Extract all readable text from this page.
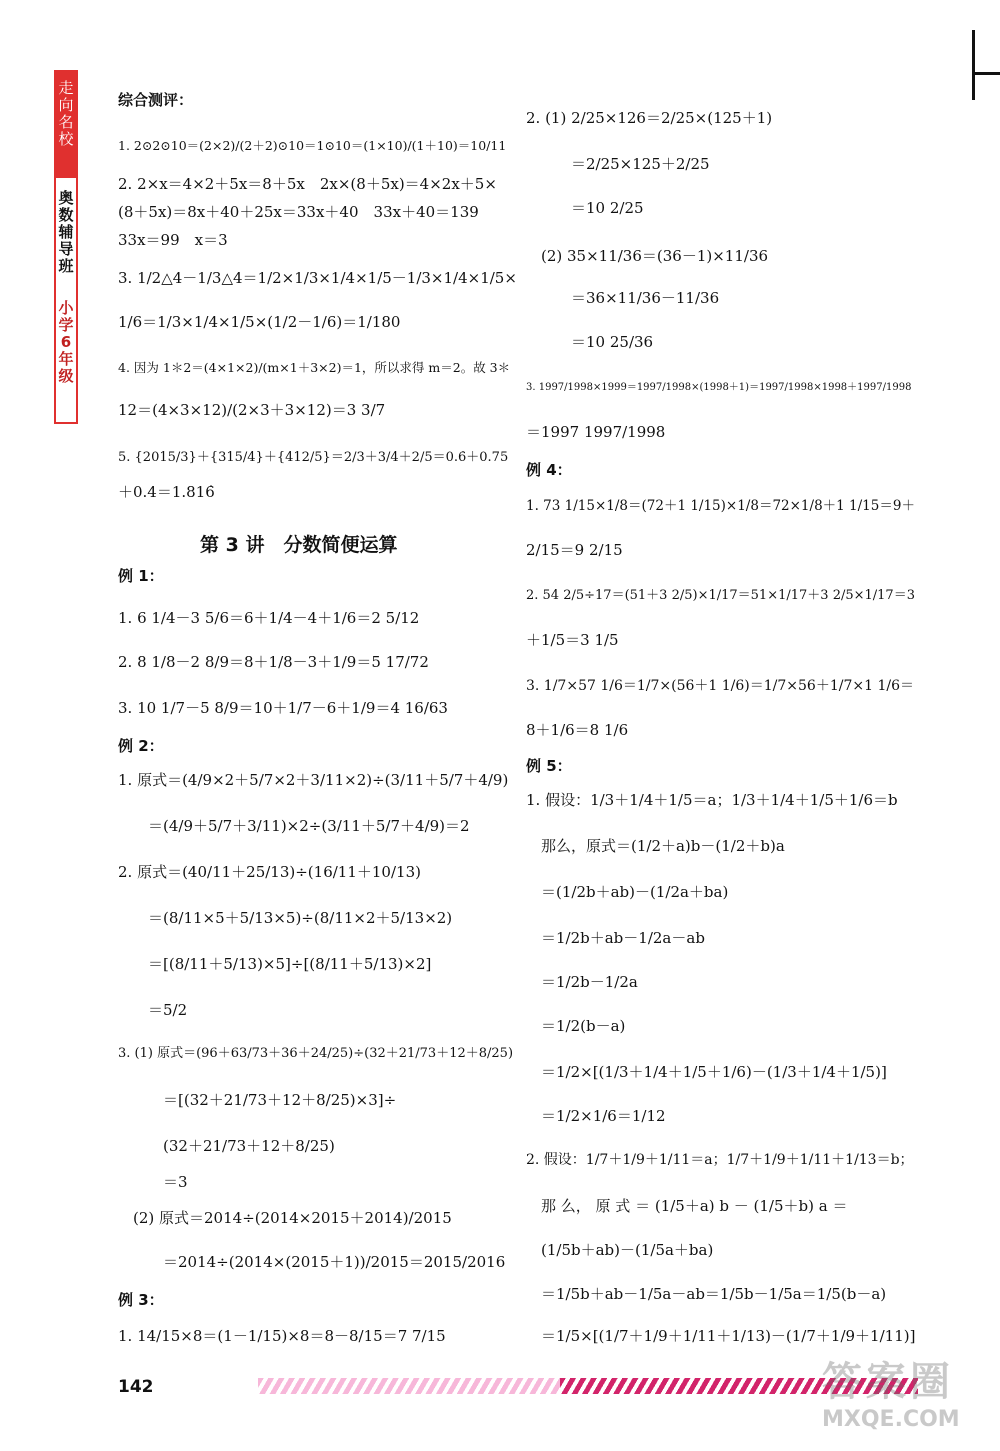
走向名校
奥数辅导班
小学6年级
综合测评：
1. 2⊙2⊙10＝(2×2)/(2＋2)⊙10＝1⊙10＝(1×10)/(1＋10)＝10/11
2. 2×x＝4×2＋5x＝8＋5x　2x×(8＋5x)＝4×2x＋5×
(8＋5x)＝8x＋40＋25x＝33x＋40　33x＋40＝139
33x＝99　x＝3
3. 1/2△4－1/3△4＝1/2×1/3×1/4×1/5－1/3×1/4×1/5×
1/6＝1/3×1/4×1/5×(1/2－1/6)＝1/180
4. 因为 1＊2＝(4×1×2)/(m×1＋3×2)＝1，所以求得 m＝2。故 3＊
12＝(4×3×12)/(2×3＋3×12)＝3 3/7
5. {2015/3}＋{315/4}＋{412/5}＝2/3＋3/4＋2/5＝0.6̇＋0.75
＋0.4＝1.816̇
例 1：
1. 6 1/4－3 5/6＝6＋1/4－4＋1/6＝2 5/12
2. 8 1/8－2 8/9＝8＋1/8－3＋1/9＝5 17/72
3. 10 1/7－5 8/9＝10＋1/7－6＋1/9＝4 16/63
例 2：
1. 原式＝(4/9×2＋5/7×2＋3/11×2)÷(3/11＋5/7＋4/9)
　　＝(4/9＋5/7＋3/11)×2÷(3/11＋5/7＋4/9)＝2
2. 原式＝(40/11＋25/13)÷(16/11＋10/13)
　　＝(8/11×5＋5/13×5)÷(8/11×2＋5/13×2)
　　＝[(8/11＋5/13)×5]÷[(8/11＋5/13)×2]
　　＝5/2
3. (1) 原式＝(96＋63/73＋36＋24/25)÷(32＋21/73＋12＋8/25)
　　　＝[(32＋21/73＋12＋8/25)×3]÷
　　　(32＋21/73＋12＋8/25)
　　　＝3
　(2) 原式＝2014÷(2014×2015＋2014)/2015
　　　＝2014÷(2014×(2015＋1))/2015＝2015/2016
例 3：
1. 14/15×8＝(1－1/15)×8＝8－8/15＝7 7/15
2. (1) 2/25×126＝2/25×(125＋1)
　　　＝2/25×125＋2/25
　　　＝10 2/25
　(2) 35×11/36＝(36－1)×11/36
　　　＝36×11/36－11/36
　　　＝10 25/36
3. 1997/1998×1999＝1997/1998×(1998＋1)＝1997/1998×1998＋1997/1998
＝1997 1997/1998
例 4：
1. 73 1/15×1/8＝(72＋1 1/15)×1/8＝72×1/8＋1 1/15＝9＋
2/15＝9 2/15
2. 54 2/5÷17＝(51＋3 2/5)×1/17＝51×1/17＋3 2/5×1/17＝3
＋1/5＝3 1/5
3. 1/7×57 1/6＝1/7×(56＋1 1/6)＝1/7×56＋1/7×1 1/6＝
8＋1/6＝8 1/6
例 5：
1. 假设：1/3＋1/4＋1/5＝a；1/3＋1/4＋1/5＋1/6＝b
　那么，原式＝(1/2＋a)b－(1/2＋b)a
　＝(1/2b＋ab)－(1/2a＋ba)
　＝1/2b＋ab－1/2a－ab
　＝1/2b－1/2a
　＝1/2(b－a)
　＝1/2×[(1/3＋1/4＋1/5＋1/6)－(1/3＋1/4＋1/5)]
　＝1/2×1/6＝1/12
2. 假设：1/7＋1/9＋1/11＝a；1/7＋1/9＋1/11＋1/13＝b；
　那 么， 原 式 ＝ (1/5＋a) b － (1/5＋b) a ＝
　(1/5b＋ab)－(1/5a＋ba)
　＝1/5b＋ab－1/5a－ab＝1/5b－1/5a＝1/5(b－a)
　＝1/5×[(1/7＋1/9＋1/11＋1/13)－(1/7＋1/9＋1/11)]
第 3 讲　分数简便运算
142	答案圈
MXQE.COM
